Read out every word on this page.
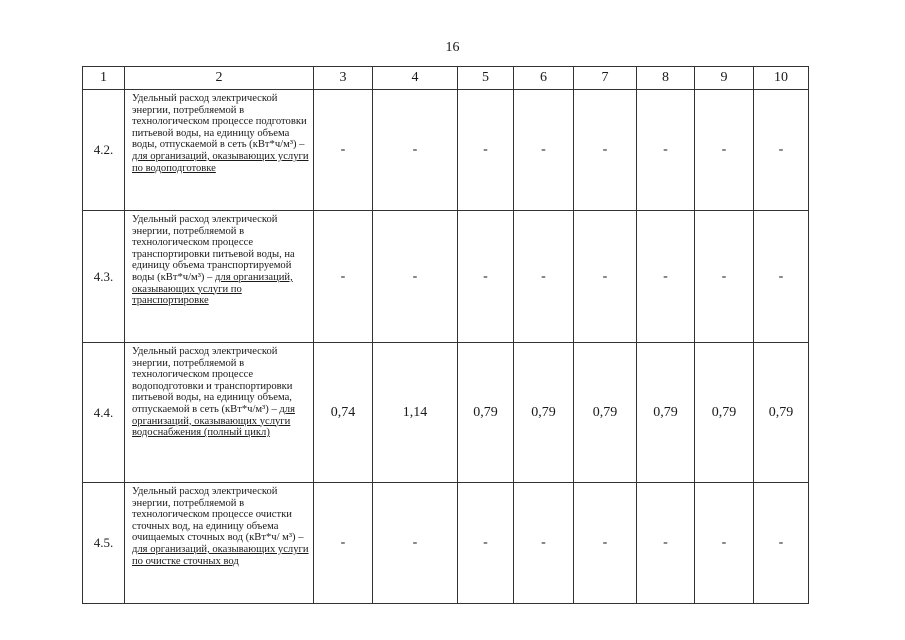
16
1	2	3	4	5	6	7	8	9	10
4.2.	Удельный расход электрической энергии, потребляемой в технологическом процессе подготовки питьевой воды, на единицу объема воды, отпускаемой в сеть (кВт*ч/м³) – для организаций, оказывающих услуги по водоподготовке	-	-	-	-	-	-	-	-
4.3.	Удельный расход электрической энергии, потребляемой в технологическом процессе транспортировки питьевой воды, на единицу объема транспортируемой воды (кВт*ч/м³) – для организаций, оказывающих услуги по транспортировке	-	-	-	-	-	-	-	-
4.4.	Удельный расход электрической энергии, потребляемой в технологическом процессе водоподготовки и транспортировки питьевой воды, на единицу объема, отпускаемой в сеть (кВт*ч/м³) – для организаций, оказывающих услуги водоснабжения (полный цикл)	0,74	1,14	0,79	0,79	0,79	0,79	0,79	0,79
4.5.	Удельный расход электрической энергии, потребляемой в технологическом процессе очистки сточных вод, на единицу объема очищаемых сточных вод (кВт*ч/ м³) – для организаций, оказывающих услуги по очистке сточных вод	-	-	-	-	-	-	-	-
